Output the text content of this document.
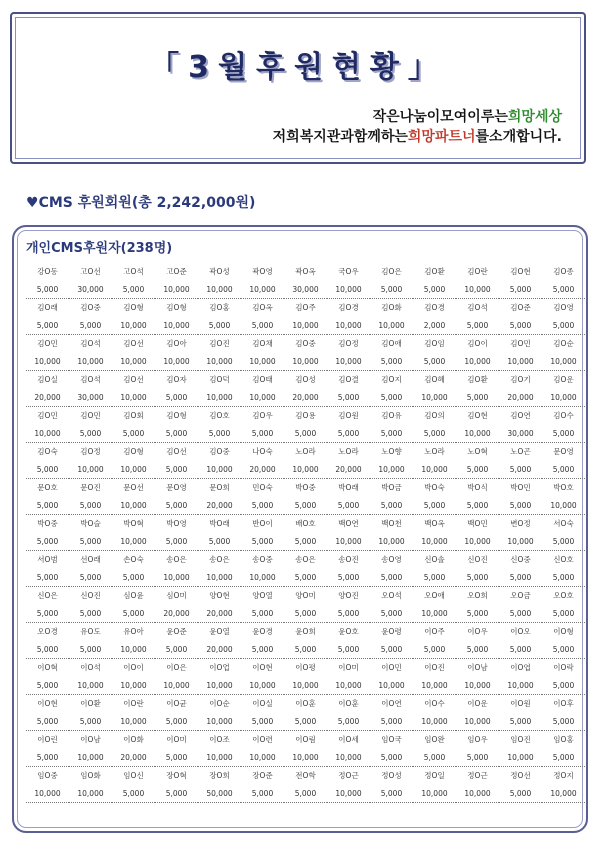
「3월후원현황」
작은나눔이모여이루는희망세상
저희복지관과함께하는희망파트너를소개합니다.
♥CMS 후원회원(총 2,242,000원)
개인CMS후원자(238명)
강O동	고O선	고O석	고O준	곽O성	곽O영	곽O옥	국O우	김O은	김O환	김O란	김O현	김O종
5,000	30,000	5,000	10,000	10,000	10,000	30,000	10,000	5,000	5,000	10,000	5,000	5,000
김O래	김O중	김O형	김O형	김O홍	김O옥	김O주	김O경	김O화	김O경	김O석	김O준	김O영
5,000	5,000	10,000	10,000	5,000	5,000	10,000	10,000	10,000	2,000	5,000	5,000	5,000
김O민	김O석	김O선	김O아	김O진	김O채	김O중	김O정	김O애	김O임	김O이	김O민	김O순
10,000	10,000	10,000	10,000	10,000	10,000	10,000	10,000	5,000	5,000	10,000	10,000	10,000
김O실	김O석	김O선	김O자	김O덕	김O태	김O성	김O결	김O지	김O혜	김O환	김O기	김O운
20,000	30,000	10,000	5,000	10,000	10,000	20,000	5,000	5,000	10,000	5,000	20,000	10,000
김O민	김O민	김O회	김O형	김O호	김O우	김O용	김O원	김O유	김O의	김O현	김O연	김O수
10,000	5,000	5,000	5,000	5,000	5,000	5,000	5,000	5,000	5,000	10,000	30,000	5,000
김O숙	김O정	김O형	김O선	김O중	나O숙	노O라	노O라	노O향	노O라	노O혁	노O곤	문O영
5,000	10,000	10,000	5,000	10,000	20,000	10,000	20,000	10,000	10,000	5,000	5,000	5,000
문O호	문O진	문O선	문O영	문O희	민O숙	박O중	박O래	박O금	박O숙	박O식	박O민	박O호
5,000	5,000	10,000	5,000	20,000	5,000	5,000	5,000	5,000	5,000	5,000	5,000	10,000
박O중	박O슬	박O혁	박O영	박O래	반O이	배O호	백O연	백O천	백O옥	백O민	변O정	서O숙
5,000	5,000	10,000	5,000	5,000	5,000	5,000	10,000	10,000	10,000	10,000	10,000	5,000
서O범	선O래	손O숙	송O은	송O은	송O중	송O은	송O진	송O영	신O솔	신O진	신O중	신O호
5,000	5,000	5,000	10,000	10,000	10,000	5,000	5,000	5,000	5,000	5,000	5,000	5,000
신O은	신O진	심O윤	심O미	양O현	양O열	양O미	양O진	오O석	오O애	오O희	오O금	오O호
5,000	5,000	5,000	20,000	20,000	5,000	5,000	5,000	5,000	10,000	5,000	5,000	5,000
오O경	유O도	유O아	윤O준	윤O열	윤O경	윤O희	윤O호	윤O령	이O주	이O우	이O오	이O형
5,000	5,000	10,000	5,000	20,000	5,000	5,000	5,000	5,000	5,000	5,000	5,000	5,000
이O혁	이O석	이O이	이O은	이O업	이O현	이O평	이O미	이O민	이O진	이O남	이O엽	이O락
5,000	10,000	10,000	10,000	10,000	10,000	10,000	10,000	10,000	10,000	10,000	10,000	5,000
이O현	이O환	이O란	이O균	이O순	이O실	이O훈	이O훈	이O연	이O수	이O운	이O원	이O후
5,000	5,000	10,000	5,000	10,000	5,000	5,000	5,000	5,000	10,000	10,000	5,000	5,000
이O린	이O남	이O화	이O미	이O조	이O련	이O림	이O세	임O국	임O완	임O우	임O진	임O홍
5,000	10,000	20,000	5,000	10,000	10,000	10,000	10,000	5,000	5,000	5,000	10,000	5,000
임O중	임O화	임O신	장O혁	장O희	장O준	전O학	정O근	정O성	정O일	정O근	정O선	정O지
10,000	10,000	5,000	5,000	50,000	5,000	5,000	10,000	5,000	10,000	10,000	5,000	10,000
